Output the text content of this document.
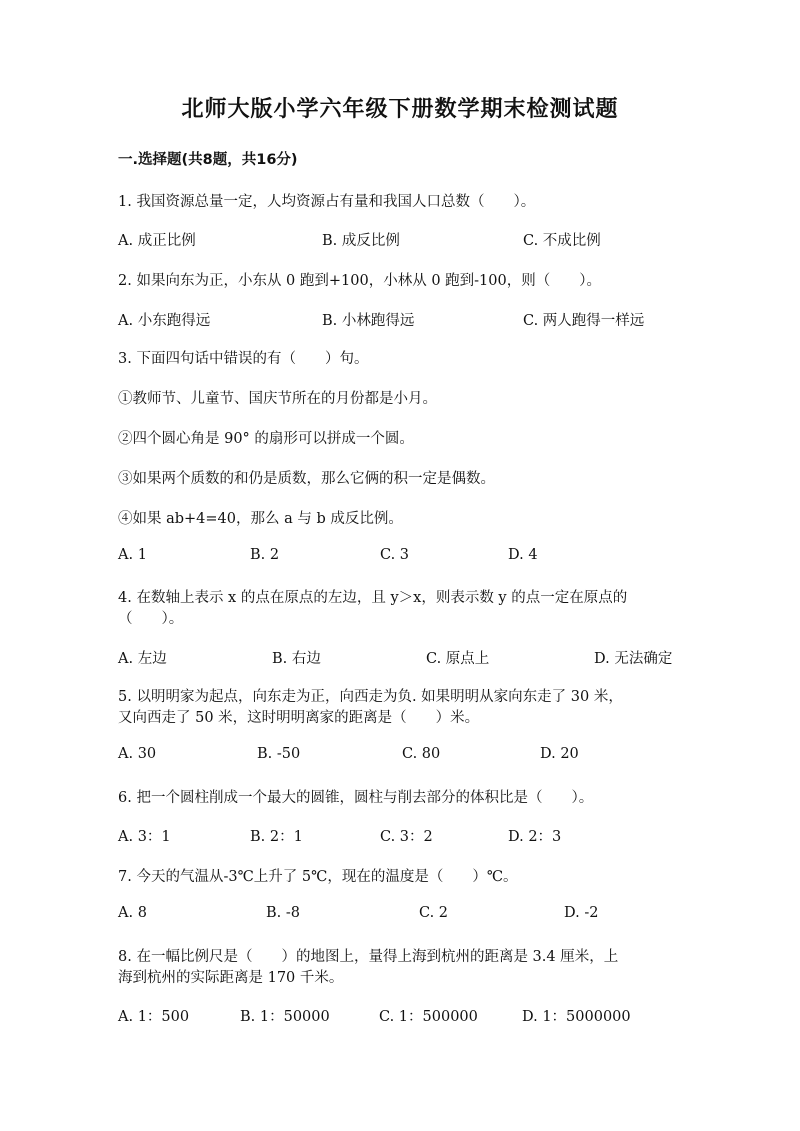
北师大版小学六年级下册数学期末检测试题
一.选择题(共8题，共16分)
1. 我国资源总量一定，人均资源占有量和我国人口总数（　　）。
A. 成正比例	B. 成反比例	C. 不成比例
2. 如果向东为正，小东从 0 跑到+100，小林从 0 跑到-100，则（　　）。
A. 小东跑得远	B. 小林跑得远	C. 两人跑得一样远
3. 下面四句话中错误的有（　　）句。
①教师节、儿童节、国庆节所在的月份都是小月。
②四个圆心角是 90° 的扇形可以拼成一个圆。
③如果两个质数的和仍是质数，那么它俩的积一定是偶数。
④如果 ab+4=40，那么 a 与 b 成反比例。
A. 1	B. 2	C. 3	D. 4
4. 在数轴上表示 x 的点在原点的左边，且 y＞x，则表示数 y 的点一定在原点的
（　　）。
A. 左边	B. 右边	C. 原点上	D. 无法确定
5. 以明明家为起点，向东走为正，向西走为负. 如果明明从家向东走了 30 米，
又向西走了 50 米，这时明明离家的距离是（　　）米。
A. 30	B. -50	C. 80	D. 20
6. 把一个圆柱削成一个最大的圆锥，圆柱与削去部分的体积比是（　　）。
A. 3：1	B. 2：1	C. 3：2	D. 2：3
7. 今天的气温从-3℃上升了 5℃，现在的温度是（　　）℃。
A. 8	B. -8	C. 2	D. -2
8. 在一幅比例尺是（　　）的地图上，量得上海到杭州的距离是 3.4 厘米，上
海到杭州的实际距离是 170 千米。
A. 1：500	B. 1：50000	C. 1：500000	D. 1：5000000
